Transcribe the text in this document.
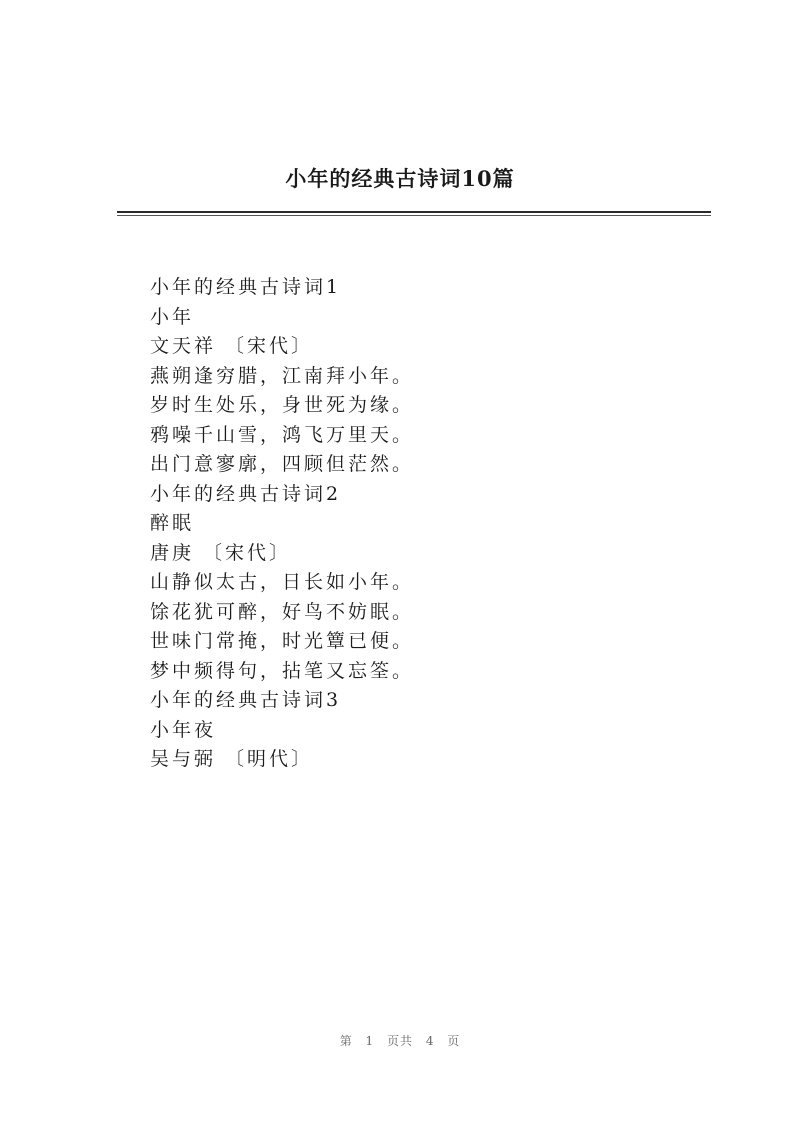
小年的经典古诗词10篇
小年的经典古诗词1
小年
文天祥 〔宋代〕
燕朔逢穷腊，江南拜小年。
岁时生处乐，身世死为缘。
鸦噪千山雪，鸿飞万里天。
出门意寥廓，四顾但茫然。
小年的经典古诗词2
醉眠
唐庚 〔宋代〕
山静似太古，日长如小年。
馀花犹可醉，好鸟不妨眠。
世味门常掩，时光簟已便。
梦中频得句，拈笔又忘筌。
小年的经典古诗词3
小年夜
吴与弼 〔明代〕
第 1 页共 4 页
